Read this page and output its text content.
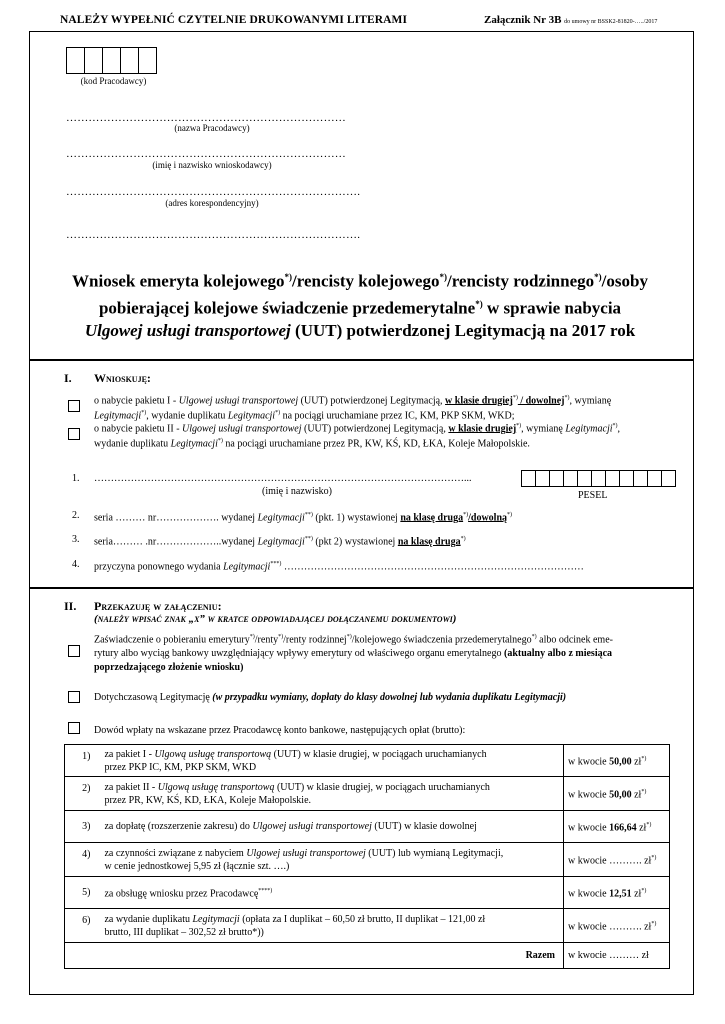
NALEŻY WYPEŁNIĆ CZYTELNIE DRUKOWANYMI LITERAMI	Załącznik Nr 3B do umowy nr BSSK2-81820-…../2017
(kod Pracodawcy)
…………………………………………………………………
(nazwa Pracodawcy)
…………………………………………………………………
(imię i nazwisko wnioskodawcy)
…………………………………………………………………….
(adres korespondencyjny)
…………………………………………………………………….
Wniosek emeryta kolejowego*)/rencisty kolejowego*)/rencisty rodzinnego*)/osoby
pobierającej kolejowe świadczenie przedemerytalne*) w sprawie nabycia
Ulgowej usługi transportowej (UUT) potwierdzonej Legitymacją na 2017 rok
I. Wnioskuję:
o nabycie pakietu I - Ulgowej usługi transportowej (UUT) potwierdzonej Legitymacją, w klasie drugiej*) / dowolnej*), wymianę
Legitymacji*), wydanie duplikatu Legitymacji*) na pociągi uruchamiane przez IC, KM, PKP SKM, WKD;
o nabycie pakietu II - Ulgowej usługi transportowej (UUT) potwierdzonej Legitymacją, w klasie drugiej*), wymianę Legitymacji*),
wydanie duplikatu Legitymacji*) na pociągi uruchamiane przez PR, KW, KŚ, KD, ŁKA, Koleje Małopolskie.
1. …………………………………………………………………………………………………...
(imię i nazwisko)	PESEL
2. seria ……… nr………………. wydanej Legitymacji**) (pkt. 1) wystawionej na klasę druga*)/dowolną*)
3. seria……… .nr………………..wydanej Legitymacji**) (pkt 2) wystawionej na klasę druga*)
4. przyczyna ponownego wydania Legitymacji***) ………………………………………………………………………………
II. Przekazuję w załączeniu:
(należy wpisać znak „x” w kratce odpowiadającej dołączanemu dokumentowi)
Zaświadczenie o pobieraniu emerytury*)/renty*)/renty rodzinnej*)/kolejowego świadczenia przedemerytalnego*) albo odcinek eme-
rytury albo wyciąg bankowy uwzględniający wpływy emerytury od właściwego organu emerytalnego (aktualny albo z miesiąca
poprzedzającego złożenie wniosku)
Dotychczasową Legitymację (w przypadku wymiany, dopłaty do klasy dowolnej lub wydania duplikatu Legitymacji)
Dowód wpłaty na wskazane przez Pracodawcę konto bankowe, następujących opłat (brutto):
1)	za pakiet I - Ulgową usługę transportową (UUT) w klasie drugiej, w pociągach uruchamianych
przez PKP IC, KM, PKP SKM, WKD	w kwocie 50,00 zł*)
2)	za pakiet II - Ulgową usługę transportową (UUT) w klasie drugiej, w pociągach uruchamianych
przez PR, KW, KŚ, KD, ŁKA, Koleje Małopolskie.	w kwocie 50,00 zł*)
3)	za dopłatę (rozszerzenie zakresu) do Ulgowej usługi transportowej (UUT) w klasie dowolnej	w kwocie 166,64 zł*)
4)	za czynności związane z nabyciem Ulgowej usługi transportowej (UUT) lub wymianą Legitymacji,
w cenie jednostkowej 5,95 zł (łącznie szt. ….)	w kwocie ………. zł*)
5)	za obsługę wniosku przez Pracodawcę****)	w kwocie 12,51 zł*)
6)	za wydanie duplikatu Legitymacji (opłata za I duplikat – 60,50 zł brutto, II duplikat – 121,00 zł
brutto, III duplikat – 302,52 zł brutto*))	w kwocie ………. zł*)
Razem		w kwocie ……… zł
